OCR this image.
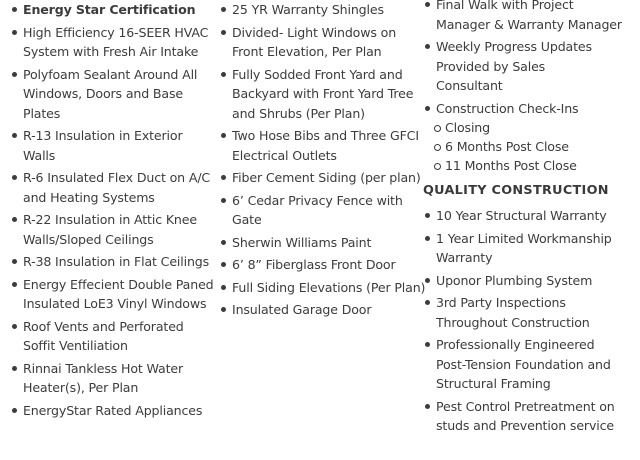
Energy Star Certification
High Efficiency 16-SEER HVAC
System with Fresh Air Intake
Polyfoam Sealant Around All
Windows, Doors and Base
Plates
R-13 Insulation in Exterior
Walls
R-6 Insulated Flex Duct on A/C
and Heating Systems
R-22 Insulation in Attic Knee
Walls/Sloped Ceilings
R-38 Insulation in Flat Ceilings
Energy Effecient Double Paned
Insulated LoE3 Vinyl Windows
Roof Vents and Perforated
Soffit Ventiliation
Rinnai Tankless Hot Water
Heater(s), Per Plan
EnergyStar Rated Appliances
25 YR Warranty Shingles
Divided- Light Windows on
Front Elevation, Per Plan
Fully Sodded Front Yard and
Backyard with Front Yard Tree
and Shrubs (Per Plan)
Two Hose Bibs and Three GFCI
Electrical Outlets
Fiber Cement Siding (per plan)
6’ Cedar Privacy Fence with
Gate
Sherwin Williams Paint
6’ 8” Fiberglass Front Door
Full Siding Elevations (Per Plan)
Insulated Garage Door
Final Walk with Project
Manager & Warranty Manager
Weekly Progress Updates
Provided by Sales
Consultant
Construction Check-Ins
Closing
6 Months Post Close
11 Months Post Close
QUALITY CONSTRUCTION
10 Year Structural Warranty
1 Year Limited Workmanship
Warranty
Uponor Plumbing System
3rd Party Inspections
Throughout Construction
Professionally Engineered
Post-Tension Foundation and
Structural Framing
Pest Control Pretreatment on
studs and Prevention service
